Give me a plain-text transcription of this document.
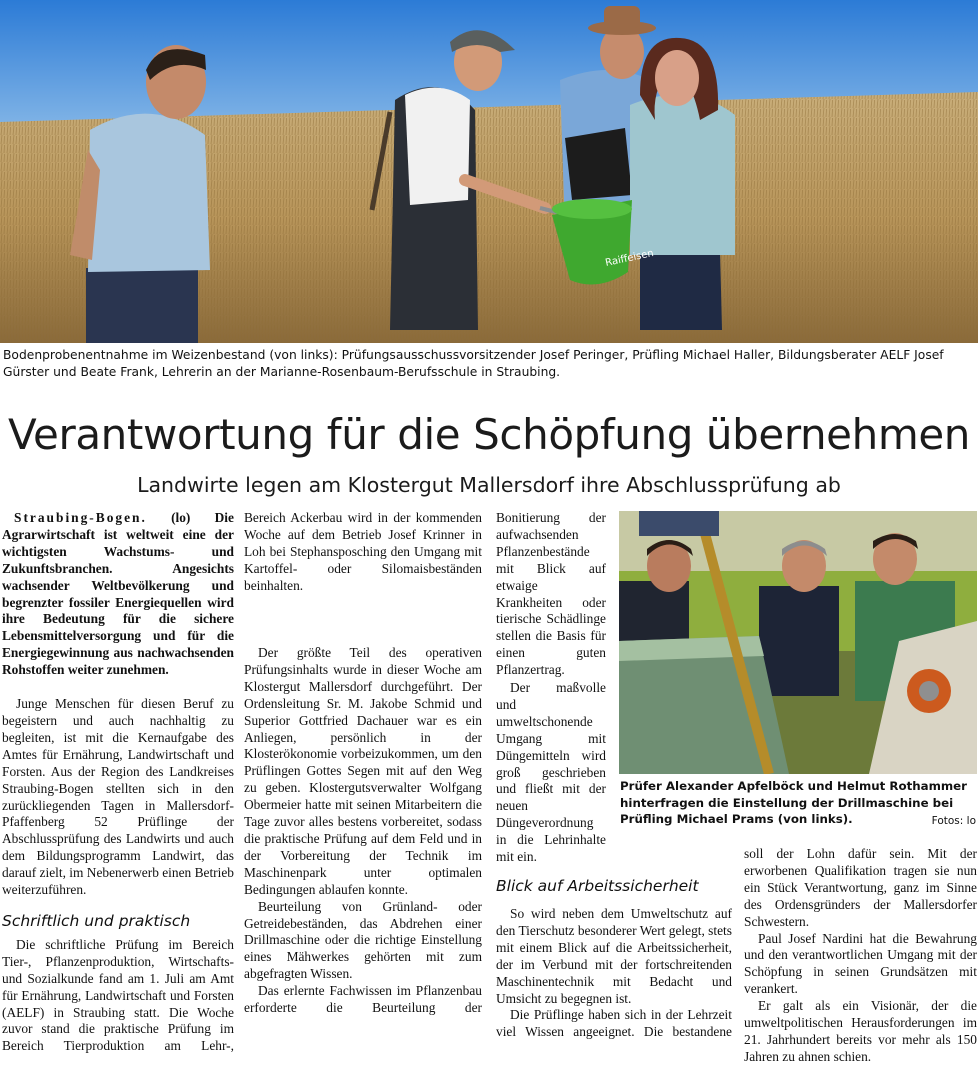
Raiffeisen
Bodenprobenentnahme im Weizenbestand (von links): Prüfungsausschussvorsitzender Josef Peringer, Prüfling Michael Haller, Bildungsberater AELF Josef Gürster und Beate Frank, Lehrerin an der Marianne-Rosenbaum-Berufsschule in Straubing.
Verantwortung für die Schöpfung übernehmen
Landwirte legen am Klostergut Mallersdorf ihre Abschlussprüfung ab

Straubing-Bogen. (lo) Die Agrarwirtschaft ist weltweit eine der wichtigsten Wachstums- und Zukunftsbranchen. Angesichts wachsender Weltbevölkerung und begrenzter fossiler Energiequellen wird ihre Bedeutung für die sichere Lebensmittelversorgung und für die Energiegewinnung aus nachwachsenden Rohstoffen weiter zunehmen.

Junge Menschen für diesen Beruf zu begeistern und auch nachhaltig zu begleiten, ist mit die Kernaufgabe des Amtes für Ernährung, Landwirtschaft und Forsten. Aus der Region des Landkreises Straubing-Bogen stellten sich in den zurückliegenden Tagen in Mallersdorf-Pfaffenberg 52 Prüflinge der Abschlussprüfung des Landwirts und auch dem Bildungsprogramm Landwirt, das darauf zielt, im Nebenerwerb einen Betrieb weiterzuführen.

Schriftlich und praktisch

Die schriftliche Prüfung im Bereich Tier-, Pflanzenproduktion, Wirtschafts- und Sozialkunde fand am 1. Juli am Amt für Ernährung, Landwirtschaft und Forsten (AELF) in Straubing statt. Die Woche zuvor stand die praktische Prüfung im Bereich Tierproduktion am Lehr-,

Bereich Ackerbau wird in der kommenden Woche auf dem Betrieb Josef Krinner in Loh bei Stephansposching den Umgang mit Kartoffel- oder Silomaisbeständen beinhalten.

Der größte Teil des operativen Prüfungsinhalts wurde in dieser Woche am Klostergut Mallersdorf durchgeführt. Der Ordensleitung Sr. M. Jakobe Schmid und Superior Gottfried Dachauer war es ein Anliegen, persönlich in der Klosterökonomie vorbeizukommen, um den Prüflingen Gottes Segen mit auf den Weg zu geben. Klostergutsverwalter Wolfgang Obermeier hatte mit seinen Mitarbeitern die Tage zuvor alles bestens vorbereitet, sodass die praktische Prüfung auf dem Feld und in der Vorbereitung der Technik im Maschinenpark unter optimalen Bedingungen ablaufen konnte.

Beurteilung von Grünland- oder Getreidebeständen, das Abdrehen einer Drillmaschine oder die richtige Einstellung eines Mähwerkes gehörten mit zum abgefragten Wissen.

Das erlernte Fachwissen im Pflanzenbau erforderte die Beurteilung der

Bonitierung der aufwachsenden Pflanzenbestände mit Blick auf etwaige Krankheiten oder tierische Schädlinge stellen die Basis für einen guten Pflanzertrag.

Der maßvolle und umweltschonende Umgang mit Düngemitteln wird groß geschrieben und fließt mit der neuen Düngeverordnung in die Lehrinhalte mit ein.

Blick auf Arbeitssicherheit

So wird neben dem Umweltschutz auf den Tierschutz besonderer Wert gelegt, stets mit einem Blick auf die Arbeitssicherheit, der im Verbund mit der fortschreitenden Maschinentechnik mit Bedacht und Umsicht zu begegnen ist.

Die Prüflinge haben sich in der Lehrzeit viel Wissen angeeignet. Die bestandene

soll der Lohn dafür sein. Mit der erworbenen Qualifikation tragen sie nun ein Stück Verantwortung, ganz im Sinne des Ordensgründers der Mallersdorfer Schwestern.

Paul Josef Nardini hat die Bewahrung und den verantwortlichen Umgang mit der Schöpfung in seinen Grundsätzen mit verankert.

Er galt als ein Visionär, der die umweltpolitischen Herausforderungen im 21. Jahrhundert bereits vor mehr als 150 Jahren zu ahnen schien.

Prüfer Alexander Apfelböck und Helmut Rothammer hinterfragen die Einstellung der Drillmaschine bei Prüfling Michael Prams (von links).	Fotos: lo
